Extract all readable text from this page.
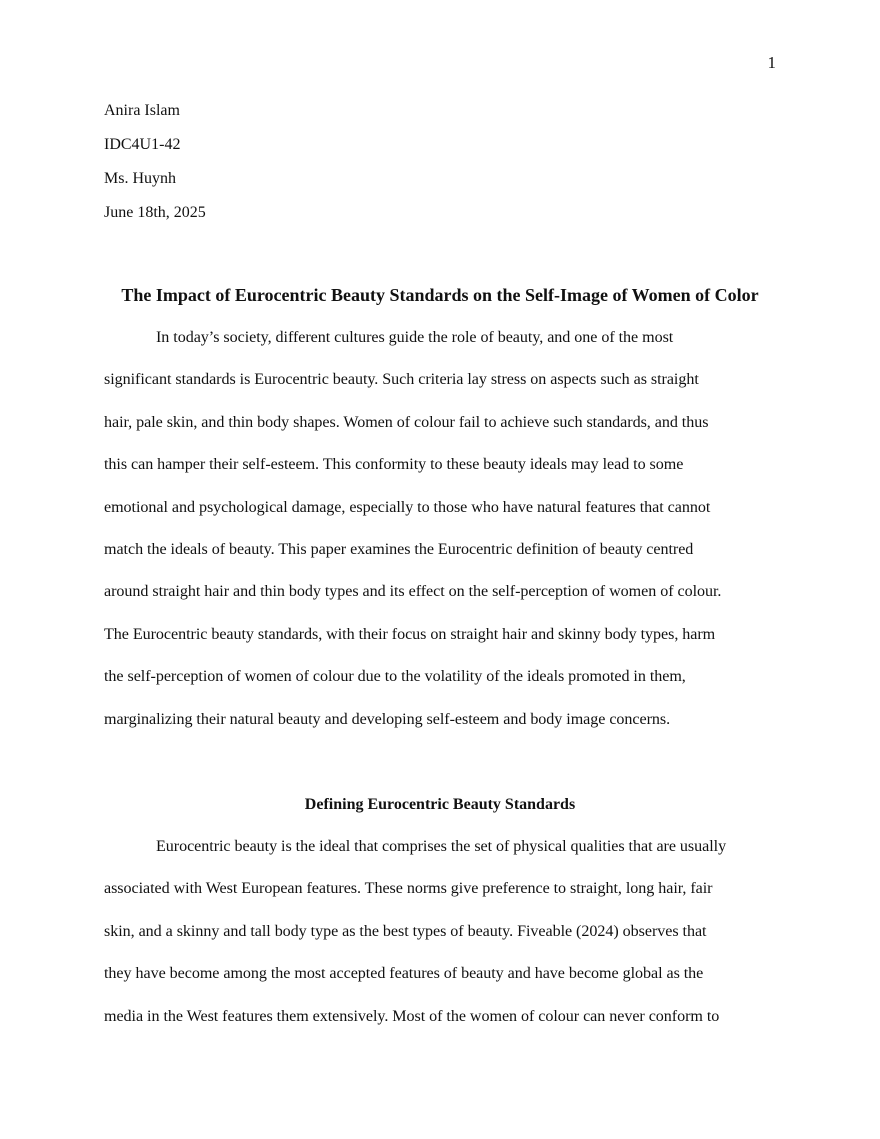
1
Anira Islam
IDC4U1-42
Ms. Huynh
June 18th, 2025
The Impact of Eurocentric Beauty Standards on the Self-Image of Women of Color
In today’s society, different cultures guide the role of beauty, and one of the most
significant standards is Eurocentric beauty. Such criteria lay stress on aspects such as straight
hair, pale skin, and thin body shapes. Women of colour fail to achieve such standards, and thus
this can hamper their self-esteem. This conformity to these beauty ideals may lead to some
emotional and psychological damage, especially to those who have natural features that cannot
match the ideals of beauty. This paper examines the Eurocentric definition of beauty centred
around straight hair and thin body types and its effect on the self-perception of women of colour.
The Eurocentric beauty standards, with their focus on straight hair and skinny body types, harm
the self-perception of women of colour due to the volatility of the ideals promoted in them,
marginalizing their natural beauty and developing self-esteem and body image concerns.
Defining Eurocentric Beauty Standards
Eurocentric beauty is the ideal that comprises the set of physical qualities that are usually
associated with West European features. These norms give preference to straight, long hair, fair
skin, and a skinny and tall body type as the best types of beauty. Fiveable (2024) observes that
they have become among the most accepted features of beauty and have become global as the
media in the West features them extensively. Most of the women of colour can never conform to
